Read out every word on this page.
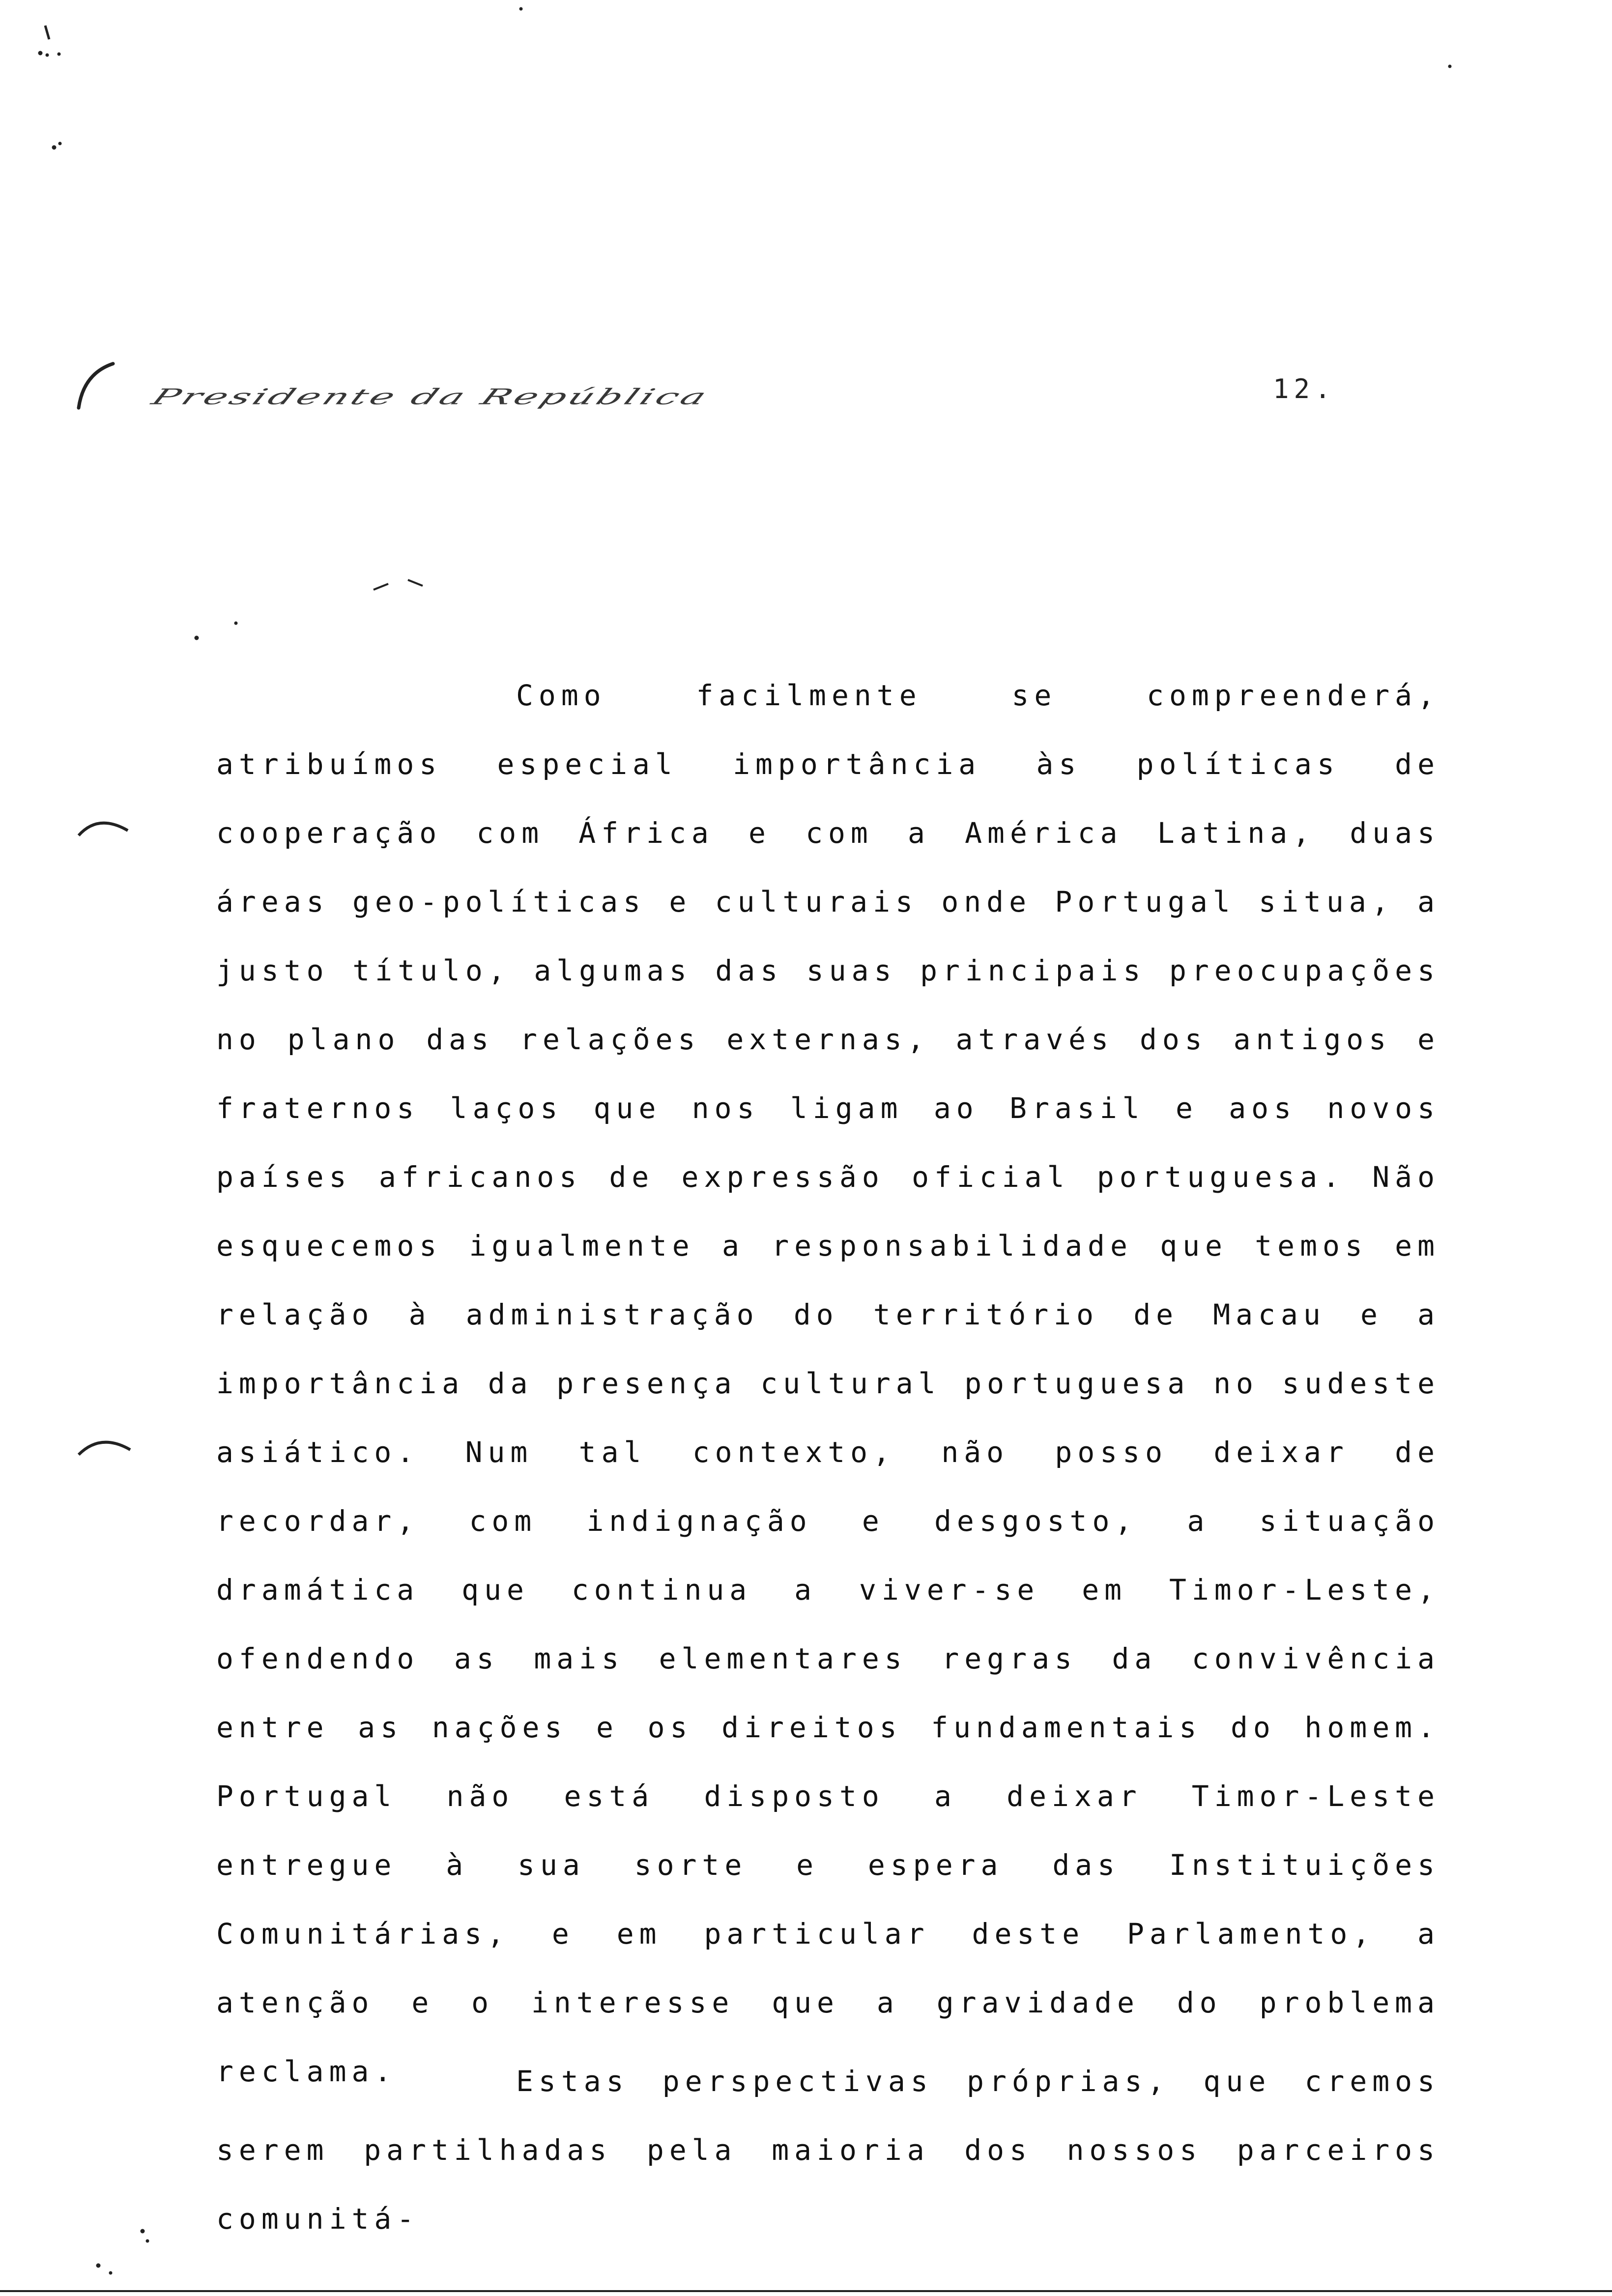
Presidente da República	12.

Como facilmente se compreenderá, atribuímos especial importância às políticas de cooperação com África e com a América Latina, duas áreas geo-políticas e culturais onde Portugal situa, a justo título, algumas das suas principais preocupações no plano das relações externas, através dos antigos e fraternos laços que nos ligam ao Brasil e aos novos países africanos de expressão oficial portuguesa. Não esquecemos igualmente a responsabilidade que temos em relação à administração do território de Macau e a importância da presença cultural portuguesa no sudeste asiático. Num tal contexto, não posso deixar de recordar, com indignação e desgosto, a situação dramática que continua a viver-se em Timor-Leste, ofendendo as mais elementares regras da convivência entre as nações e os direitos fundamentais do homem. Portugal não está disposto a deixar Timor-Leste entregue à sua sorte e espera das Instituições Comunitárias, e em particular deste Parlamento, a atenção e o interesse que a gravidade do problema reclama.	Estas perspectivas próprias, que cremos serem partilhadas pela maioria dos nossos parceiros comunitá-
